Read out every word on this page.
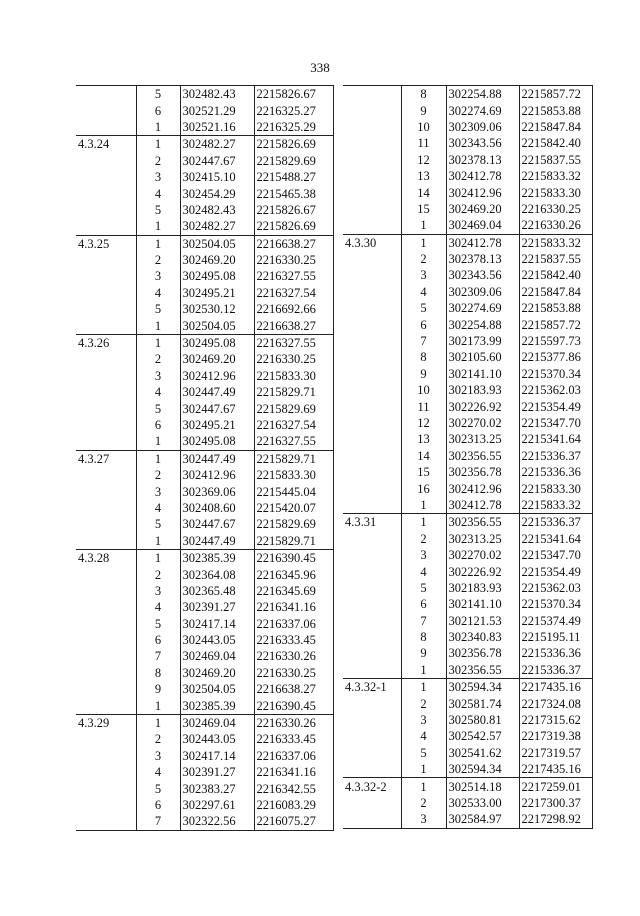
338
	5	302482.43	2215826.67
	6	302521.29	2216325.27
	1	302521.16	2216325.29
4.3.24	1	302482.27	2215826.69
	2	302447.67	2215829.69
	3	302415.10	2215488.27
	4	302454.29	2215465.38
	5	302482.43	2215826.67
	1	302482.27	2215826.69
4.3.25	1	302504.05	2216638.27
	2	302469.20	2216330.25
	3	302495.08	2216327.55
	4	302495.21	2216327.54
	5	302530.12	2216692.66
	1	302504.05	2216638.27
4.3.26	1	302495.08	2216327.55
	2	302469.20	2216330.25
	3	302412.96	2215833.30
	4	302447.49	2215829.71
	5	302447.67	2215829.69
	6	302495.21	2216327.54
	1	302495.08	2216327.55
4.3.27	1	302447.49	2215829.71
	2	302412.96	2215833.30
	3	302369.06	2215445.04
	4	302408.60	2215420.07
	5	302447.67	2215829.69
	1	302447.49	2215829.71
4.3.28	1	302385.39	2216390.45
	2	302364.08	2216345.96
	3	302365.48	2216345.69
	4	302391.27	2216341.16
	5	302417.14	2216337.06
	6	302443.05	2216333.45
	7	302469.04	2216330.26
	8	302469.20	2216330.25
	9	302504.05	2216638.27
	1	302385.39	2216390.45
4.3.29	1	302469.04	2216330.26
	2	302443.05	2216333.45
	3	302417.14	2216337.06
	4	302391.27	2216341.16
	5	302383.27	2216342.55
	6	302297.61	2216083.29
	7	302322.56	2216075.27
	8	302254.88	2215857.72
	9	302274.69	2215853.88
	10	302309.06	2215847.84
	11	302343.56	2215842.40
	12	302378.13	2215837.55
	13	302412.78	2215833.32
	14	302412.96	2215833.30
	15	302469.20	2216330.25
	1	302469.04	2216330.26
4.3.30	1	302412.78	2215833.32
	2	302378.13	2215837.55
	3	302343.56	2215842.40
	4	302309.06	2215847.84
	5	302274.69	2215853.88
	6	302254.88	2215857.72
	7	302173.99	2215597.73
	8	302105.60	2215377.86
	9	302141.10	2215370.34
	10	302183.93	2215362.03
	11	302226.92	2215354.49
	12	302270.02	2215347.70
	13	302313.25	2215341.64
	14	302356.55	2215336.37
	15	302356.78	2215336.36
	16	302412.96	2215833.30
	1	302412.78	2215833.32
4.3.31	1	302356.55	2215336.37
	2	302313.25	2215341.64
	3	302270.02	2215347.70
	4	302226.92	2215354.49
	5	302183.93	2215362.03
	6	302141.10	2215370.34
	7	302121.53	2215374.49
	8	302340.83	2215195.11
	9	302356.78	2215336.36
	1	302356.55	2215336.37
4.3.32-1	1	302594.34	2217435.16
	2	302581.74	2217324.08
	3	302580.81	2217315.62
	4	302542.57	2217319.38
	5	302541.62	2217319.57
	1	302594.34	2217435.16
4.3.32-2	1	302514.18	2217259.01
	2	302533.00	2217300.37
	3	302584.97	2217298.92
